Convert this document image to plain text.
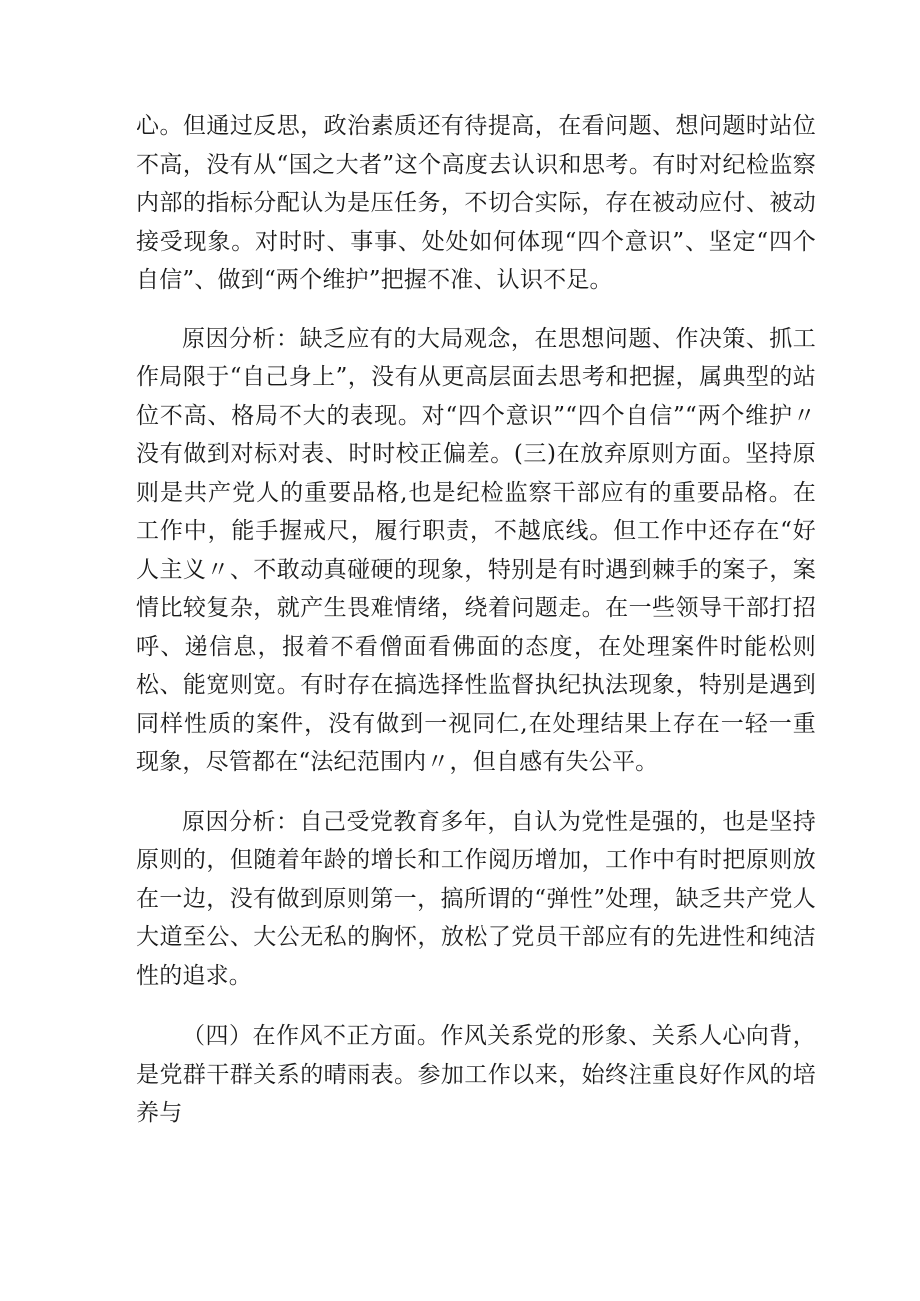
心。但通过反思，政治素质还有待提高，在看问题、想问题时站位不高，没有从“国之大者”这个高度去认识和思考。有时对纪检监察内部的指标分配认为是压任务，不切合实际，存在被动应付、被动接受现象。对时时、事事、处处如何体现“四个意识”、坚定“四个自信”、做到“两个维护”把握不准、认识不足。

原因分析：缺乏应有的大局观念，在思想问题、作决策、抓工作局限于“自己身上”，没有从更高层面去思考和把握，属典型的站位不高、格局不大的表现。对“四个意识”“四个自信”“两个维护〃没有做到对标对表、时时校正偏差。(三)在放弃原则方面。坚持原则是共产党人的重要品格,也是纪检监察干部应有的重要品格。在工作中，能手握戒尺，履行职责，不越底线。但工作中还存在“好人主义〃、不敢动真碰硬的现象，特别是有时遇到棘手的案子，案情比较复杂，就产生畏难情绪，绕着问题走。在一些领导干部打招呼、递信息，报着不看僧面看佛面的态度，在处理案件时能松则松、能宽则宽。有时存在搞选择性监督执纪执法现象，特别是遇到同样性质的案件，没有做到一视同仁,在处理结果上存在一轻一重现象，尽管都在“法纪范围内〃，但自感有失公平。

原因分析：自己受党教育多年，自认为党性是强的，也是坚持原则的，但随着年龄的增长和工作阅历增加，工作中有时把原则放在一边，没有做到原则第一，搞所谓的“弹性”处理，缺乏共产党人大道至公、大公无私的胸怀，放松了党员干部应有的先进性和纯洁性的追求。

（四）在作风不正方面。作风关系党的形象、关系人心向背，是党群干群关系的晴雨表。参加工作以来，始终注重良好作风的培养与
